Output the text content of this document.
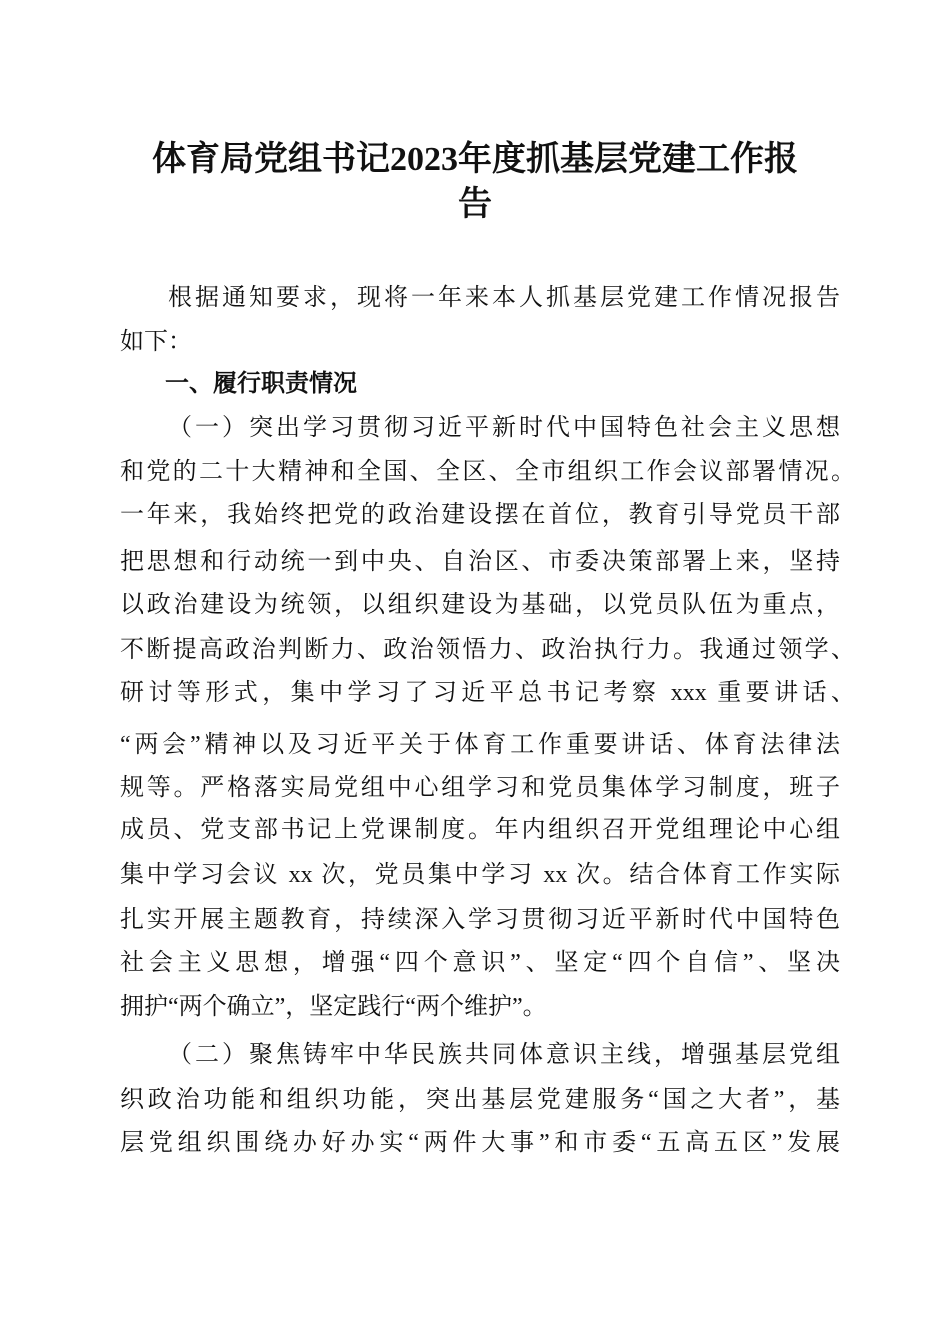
体育局党组书记2023年度抓基层党建工作报
告
根据通知要求，现将一年来本人抓基层党建工作情况报告
如下：
一、履行职责情况
（一）突出学习贯彻习近平新时代中国特色社会主义思想
和党的二十大精神和全国、全区、全市组织工作会议部署情况。
一年来，我始终把党的政治建设摆在首位，教育引导党员干部
把思想和行动统一到中央、自治区、市委决策部署上来，坚持
以政治建设为统领，以组织建设为基础，以党员队伍为重点，
不断提高政治判断力、政治领悟力、政治执行力。我通过领学、
研讨等形式，集中学习了习近平总书记考察 xxx 重要讲话、
“两会”精神以及习近平关于体育工作重要讲话、体育法律法
规等。严格落实局党组中心组学习和党员集体学习制度，班子
成员、党支部书记上党课制度。年内组织召开党组理论中心组
集中学习会议 xx 次，党员集中学习 xx 次。结合体育工作实际
扎实开展主题教育，持续深入学习贯彻习近平新时代中国特色
社会主义思想，增强“四个意识”、坚定“四个自信”、坚决
拥护“两个确立”，坚定践行“两个维护”。
（二）聚焦铸牢中华民族共同体意识主线，增强基层党组
织政治功能和组织功能，突出基层党建服务“国之大者”，基
层党组织围绕办好办实“两件大事”和市委“五高五区”发展
